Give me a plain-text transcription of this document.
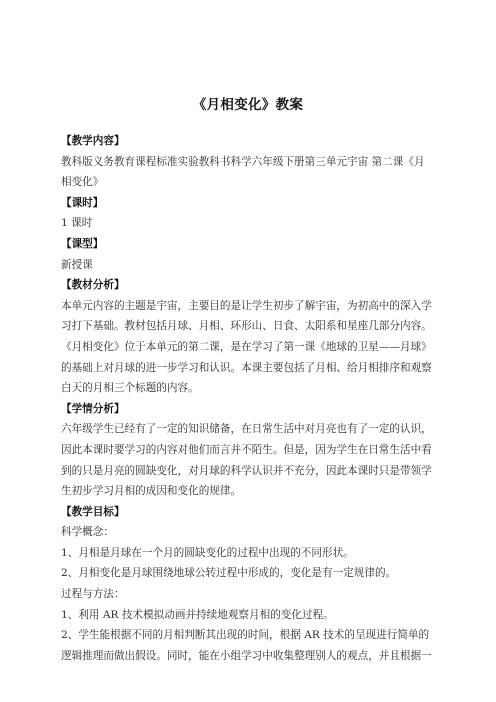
《月相变化》教案
【教学内容】
教科版义务教育课程标准实验教科书科学六年级下册第三单元宇宙 第二课《月
相变化》
【课时】
1 课时
【课型】
新授课
【教材分析】
本单元内容的主题是宇宙，主要目的是让学生初步了解宇宙，为初高中的深入学
习打下基础。教材包括月球、月相、环形山、日食、太阳系和星座几部分内容。
《月相变化》位于本单元的第二课，是在学习了第一课《地球的卫星——月球》
的基础上对月球的进一步学习和认识。本课主要包括了月相、给月相排序和观察
白天的月相三个标题的内容。
【学情分析】
六年级学生已经有了一定的知识储备，在日常生活中对月亮也有了一定的认识，
因此本课时要学习的内容对他们而言并不陌生。但是，因为学生在日常生活中看
到的只是月亮的圆缺变化，对月球的科学认识并不充分，因此本课时只是带领学
生初步学习月相的成因和变化的规律。
【教学目标】
科学概念：
1、月相是月球在一个月的圆缺变化的过程中出现的不同形状。
2、月相变化是月球围绕地球公转过程中形成的，变化是有一定规律的。
过程与方法：
1、利用 AR 技术模拟动画并持续地观察月相的变化过程。
2、学生能根据不同的月相判断其出现的时间，根据 AR 技术的呈现进行简单的
逻辑推理而做出假设。同时，能在小组学习中收集整理别人的观点，并且根据一
